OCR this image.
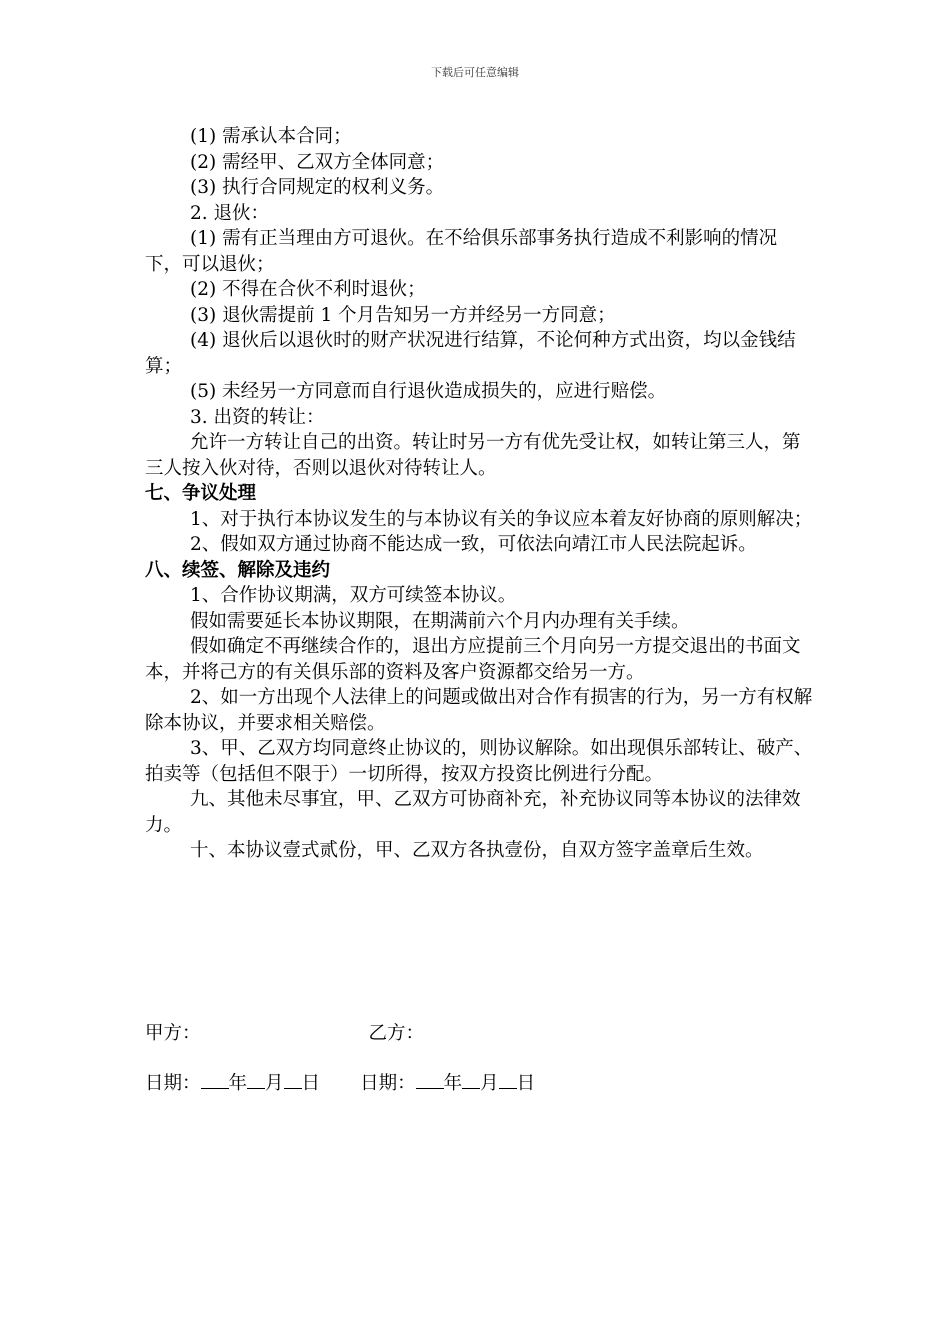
下载后可任意编辑

(1) 需承认本合同；

(2) 需经甲、乙双方全体同意；

(3) 执行合同规定的权利义务。

2. 退伙：

(1) 需有正当理由方可退伙。在不给俱乐部事务执行造成不利影响的情况下，可以退伙；

(2) 不得在合伙不利时退伙；

(3) 退伙需提前 1 个月告知另一方并经另一方同意；

(4) 退伙后以退伙时的财产状况进行结算，不论何种方式出资，均以金钱结算；

(5) 未经另一方同意而自行退伙造成损失的，应进行赔偿。

3. 出资的转让：

允许一方转让自己的出资。转让时另一方有优先受让权，如转让第三人，第三人按入伙对待，否则以退伙对待转让人。

七、争议处理

1、对于执行本协议发生的与本协议有关的争议应本着友好协商的原则解决；

2、假如双方通过协商不能达成一致，可依法向靖江市人民法院起诉。

八、续签、解除及违约

1、合作协议期满，双方可续签本协议。

假如需要延长本协议期限，在期满前六个月内办理有关手续。

假如确定不再继续合作的，退出方应提前三个月向另一方提交退出的书面文本，并将己方的有关俱乐部的资料及客户资源都交给另一方。

2、如一方出现个人法律上的问题或做出对合作有损害的行为，另一方有权解除本协议，并要求相关赔偿。

3、甲、乙双方均同意终止协议的，则协议解除。如出现俱乐部转让、破产、拍卖等（包括但不限于）一切所得，按双方投资比例进行分配。

九、其他未尽事宜，甲、乙双方可协商补充，补充协议同等本协议的法律效力。

十、本协议壹式贰份，甲、乙双方各执壹份，自双方签字盖章后生效。

甲方：	乙方：
日期： 年 月 日 日期： 年 月 日
